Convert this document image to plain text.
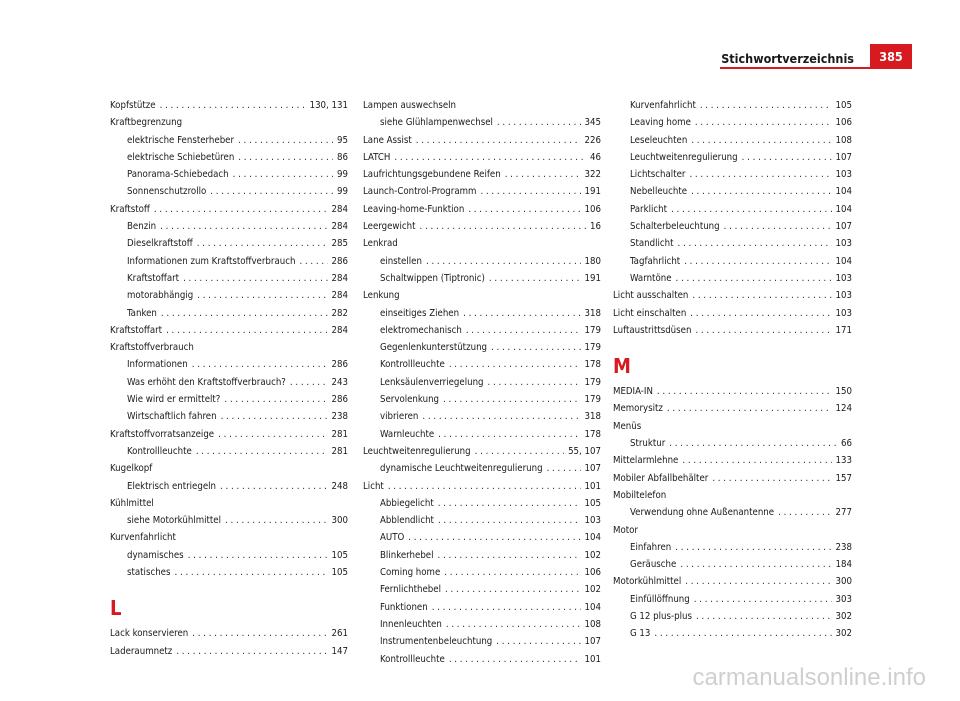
Stichwortverzeichnis 385
Kopfstütze . . .	130, 131
Kraftbegrenzung
elektrische Fensterheber . . .	95
elektrische Schiebetüren . . .	86
Panorama-Schiebedach . . .	99
Sonnenschutzrollo . . .	99
Kraftstoff . . .	284
Benzin . . .	284
Dieselkraftstoff . . .	285
Informationen zum Kraftstoffverbrauch . . .	286
Kraftstoffart . . .	284
motorabhängig . . .	284
Tanken . . .	282
Kraftstoffart . . .	284
Kraftstoffverbrauch
Informationen . . .	286
Was erhöht den Kraftstoffverbrauch? . . .	243
Wie wird er ermittelt? . . .	286
Wirtschaftlich fahren . . .	238
Kraftstoffvorratsanzeige . . .	281
Kontrollleuchte . . .	281
Kugelkopf
Elektrisch entriegeln . . .	248
Kühlmittel
siehe Motorkühlmittel . . .	300
Kurvenfahrlicht
dynamisches . . .	105
statisches . . .	105
L
Lack konservieren . . .	261
Laderaumnetz . . .	147
Lampen auswechseln
siehe Glühlampenwechsel . . .	345
Lane Assist . . .	226
LATCH . . .	46
Laufrichtungsgebundene Reifen . . .	322
Launch-Control-Programm . . .	191
Leaving-home-Funktion . . .	106
Leergewicht . . .	16
Lenkrad
einstellen . . .	180
Schaltwippen (Tiptronic) . . .	191
Lenkung
einseitiges Ziehen . . .	318
elektromechanisch . . .	179
Gegenlenkunterstützung . . .	179
Kontrollleuchte . . .	178
Lenksäulenverriegelung . . .	179
Servolenkung . . .	179
vibrieren . . .	318
Warnleuchte . . .	178
Leuchtweitenregulierung . . .	55, 107
dynamische Leuchtweitenregulierung . . .	107
Licht . . .	101
Abbiegelicht . . .	105
Abblendlicht . . .	103
AUTO . . .	104
Blinkerhebel . . .	102
Coming home . . .	106
Fernlichthebel . . .	102
Funktionen . . .	104
Innenleuchten . . .	108
Instrumentenbeleuchtung . . .	107
Kontrollleuchte . . .	101
Kurvenfahrlicht . . .	105
Leaving home . . .	106
Leseleuchten . . .	108
Leuchtweitenregulierung . . .	107
Lichtschalter . . .	103
Nebelleuchte . . .	104
Parklicht . . .	104
Schalterbeleuchtung . . .	107
Standlicht . . .	103
Tagfahrlicht . . .	104
Warntöne . . .	103
Licht ausschalten . . .	103
Licht einschalten . . .	103
Luftaustrittsdüsen . . .	171
M
MEDIA-IN . . .	150
Memorysitz . . .	124
Menüs
Struktur . . .	66
Mittelarmlehne . . .	133
Mobiler Abfallbehälter . . .	157
Mobiltelefon
Verwendung ohne Außenantenne . . .	277
Motor
Einfahren . . .	238
Geräusche . . .	184
Motorkühlmittel . . .	300
Einfüllöffnung . . .	303
G 12 plus-plus . . .	302
G 13 . . .	302
carmanualsonline.info
